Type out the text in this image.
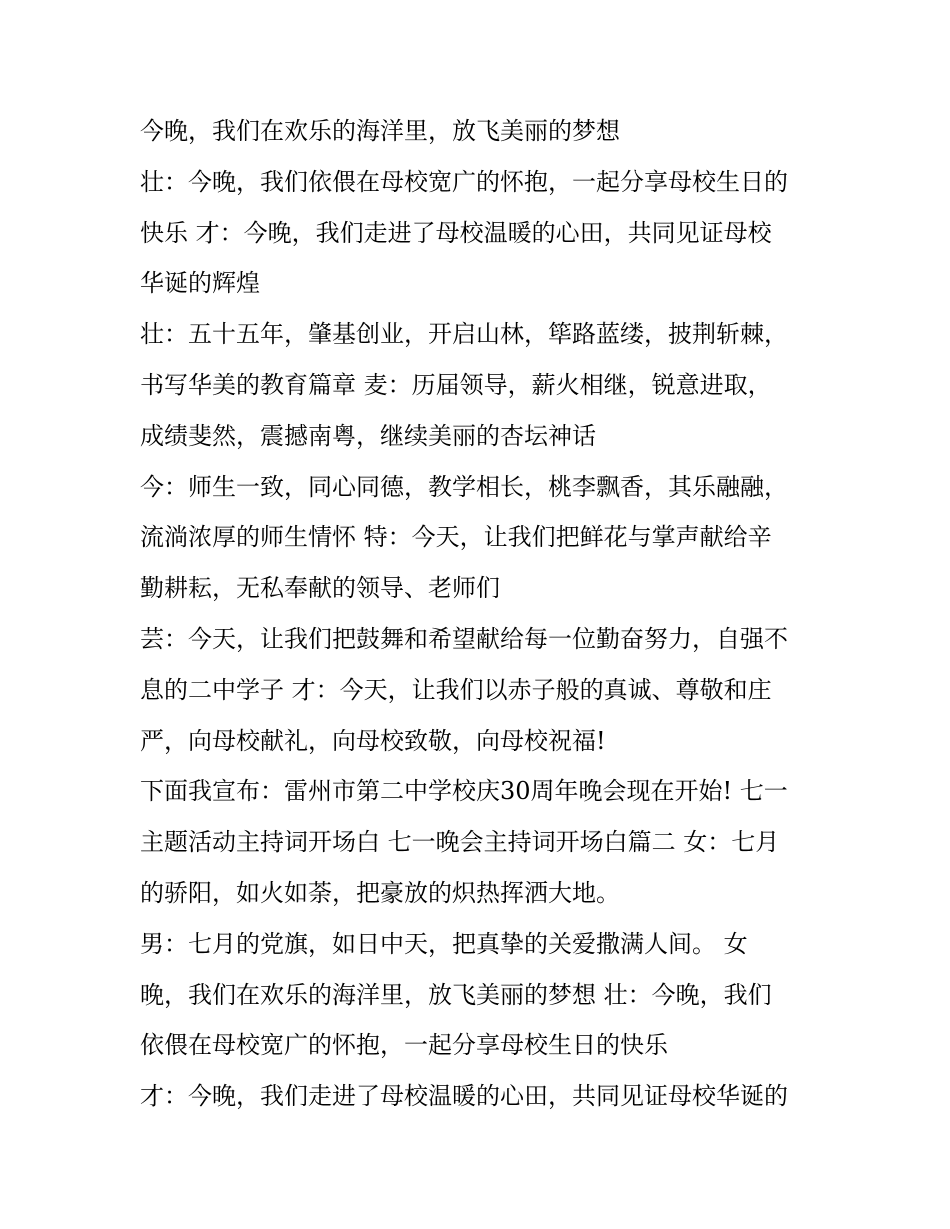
今晚，我们在欢乐的海洋里，放飞美丽的梦想
壮：今晚，我们依偎在母校宽广的怀抱，一起分享母校生日的
快乐 才：今晚，我们走进了母校温暖的心田，共同见证母校
华诞的辉煌
壮：五十五年，肇基创业，开启山林，筚路蓝缕，披荆斩棘，
书写华美的教育篇章 麦：历届领导，薪火相继，锐意进取，
成绩斐然，震撼南粤，继续美丽的杏坛神话
今：师生一致，同心同德，教学相长，桃李飘香，其乐融融，
流淌浓厚的师生情怀 特：今天，让我们把鲜花与掌声献给辛
勤耕耘，无私奉献的领导、老师们
芸：今天，让我们把鼓舞和希望献给每一位勤奋努力，自强不
息的二中学子 才：今天，让我们以赤子般的真诚、尊敬和庄
严，向母校献礼，向母校致敬，向母校祝福!
下面我宣布：雷州市第二中学校庆30周年晚会现在开始! 七一
主题活动主持词开场白 七一晚会主持词开场白篇二 女：七月
的骄阳，如火如荼，把豪放的炽热挥洒大地。
男：七月的党旗，如日中天，把真挚的关爱撒满人间。 女
晚，我们在欢乐的海洋里，放飞美丽的梦想 壮：今晚，我们
依偎在母校宽广的怀抱，一起分享母校生日的快乐
才：今晚，我们走进了母校温暖的心田，共同见证母校华诞的
